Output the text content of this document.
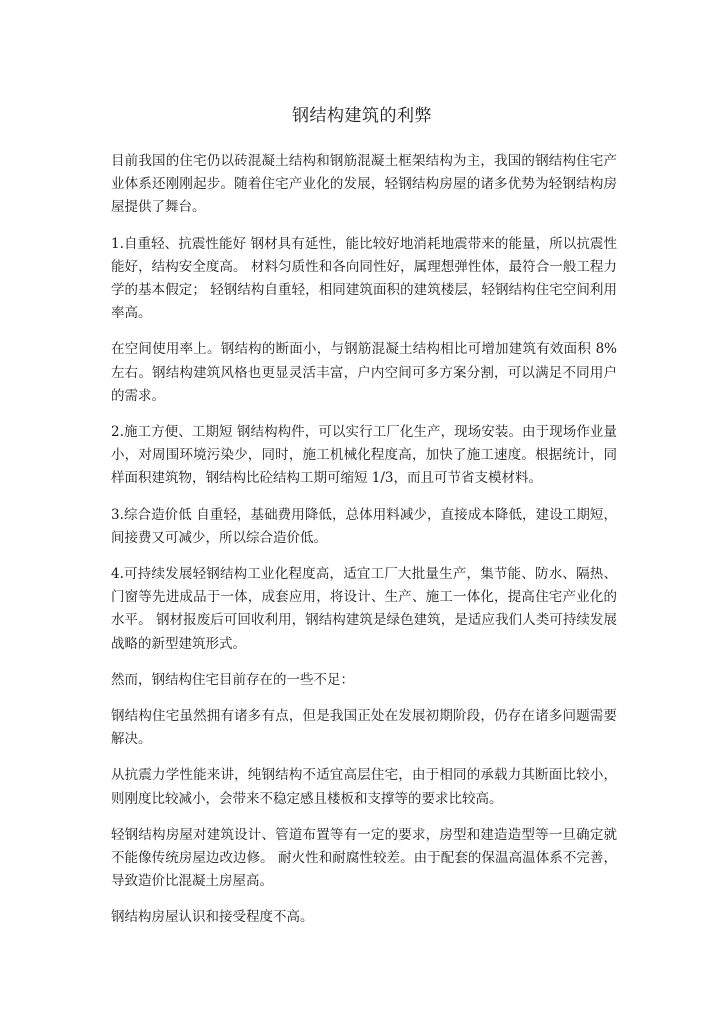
钢结构建筑的利弊

目前我国的住宅仍以砖混凝土结构和钢筋混凝土框架结构为主，我国的钢结构住宅产业体系还刚刚起步。随着住宅产业化的发展，轻钢结构房屋的诸多优势为轻钢结构房屋提供了舞台。

1.自重轻、抗震性能好 钢材具有延性，能比较好地消耗地震带来的能量，所以抗震性能好，结构安全度高。 材料匀质性和各向同性好，属理想弹性体，最符合一般工程力学的基本假定； 轻钢结构自重轻，相同建筑面积的建筑楼层，轻钢结构住宅空间利用率高。

在空间使用率上。钢结构的断面小，与钢筋混凝土结构相比可增加建筑有效面积 8%左右。钢结构建筑风格也更显灵活丰富，户内空间可多方案分割，可以满足不同用户的需求。

2.施工方便、工期短 钢结构构件，可以实行工厂化生产，现场安装。由于现场作业量小，对周围环境污染少，同时，施工机械化程度高，加快了施工速度。根据统计，同样面积建筑物，钢结构比砼结构工期可缩短 1/3，而且可节省支模材料。

3.综合造价低 自重轻，基础费用降低，总体用料减少，直接成本降低，建设工期短，间接费又可减少，所以综合造价低。

4.可持续发展轻钢结构工业化程度高，适宜工厂大批量生产，集节能、防水、隔热、门窗等先进成品于一体，成套应用，将设计、生产、施工一体化，提高住宅产业化的水平。 钢材报废后可回收利用，钢结构建筑是绿色建筑，是适应我们人类可持续发展战略的新型建筑形式。

然而，钢结构住宅目前存在的一些不足：

钢结构住宅虽然拥有诸多有点，但是我国正处在发展初期阶段，仍存在诸多问题需要解决。

从抗震力学性能来讲，纯钢结构不适宜高层住宅，由于相同的承载力其断面比较小，则刚度比较减小，会带来不稳定感且楼板和支撑等的要求比较高。

轻钢结构房屋对建筑设计、管道布置等有一定的要求，房型和建造造型等一旦确定就不能像传统房屋边改边修。 耐火性和耐腐性较差。由于配套的保温高温体系不完善，导致造价比混凝土房屋高。

钢结构房屋认识和接受程度不高。
